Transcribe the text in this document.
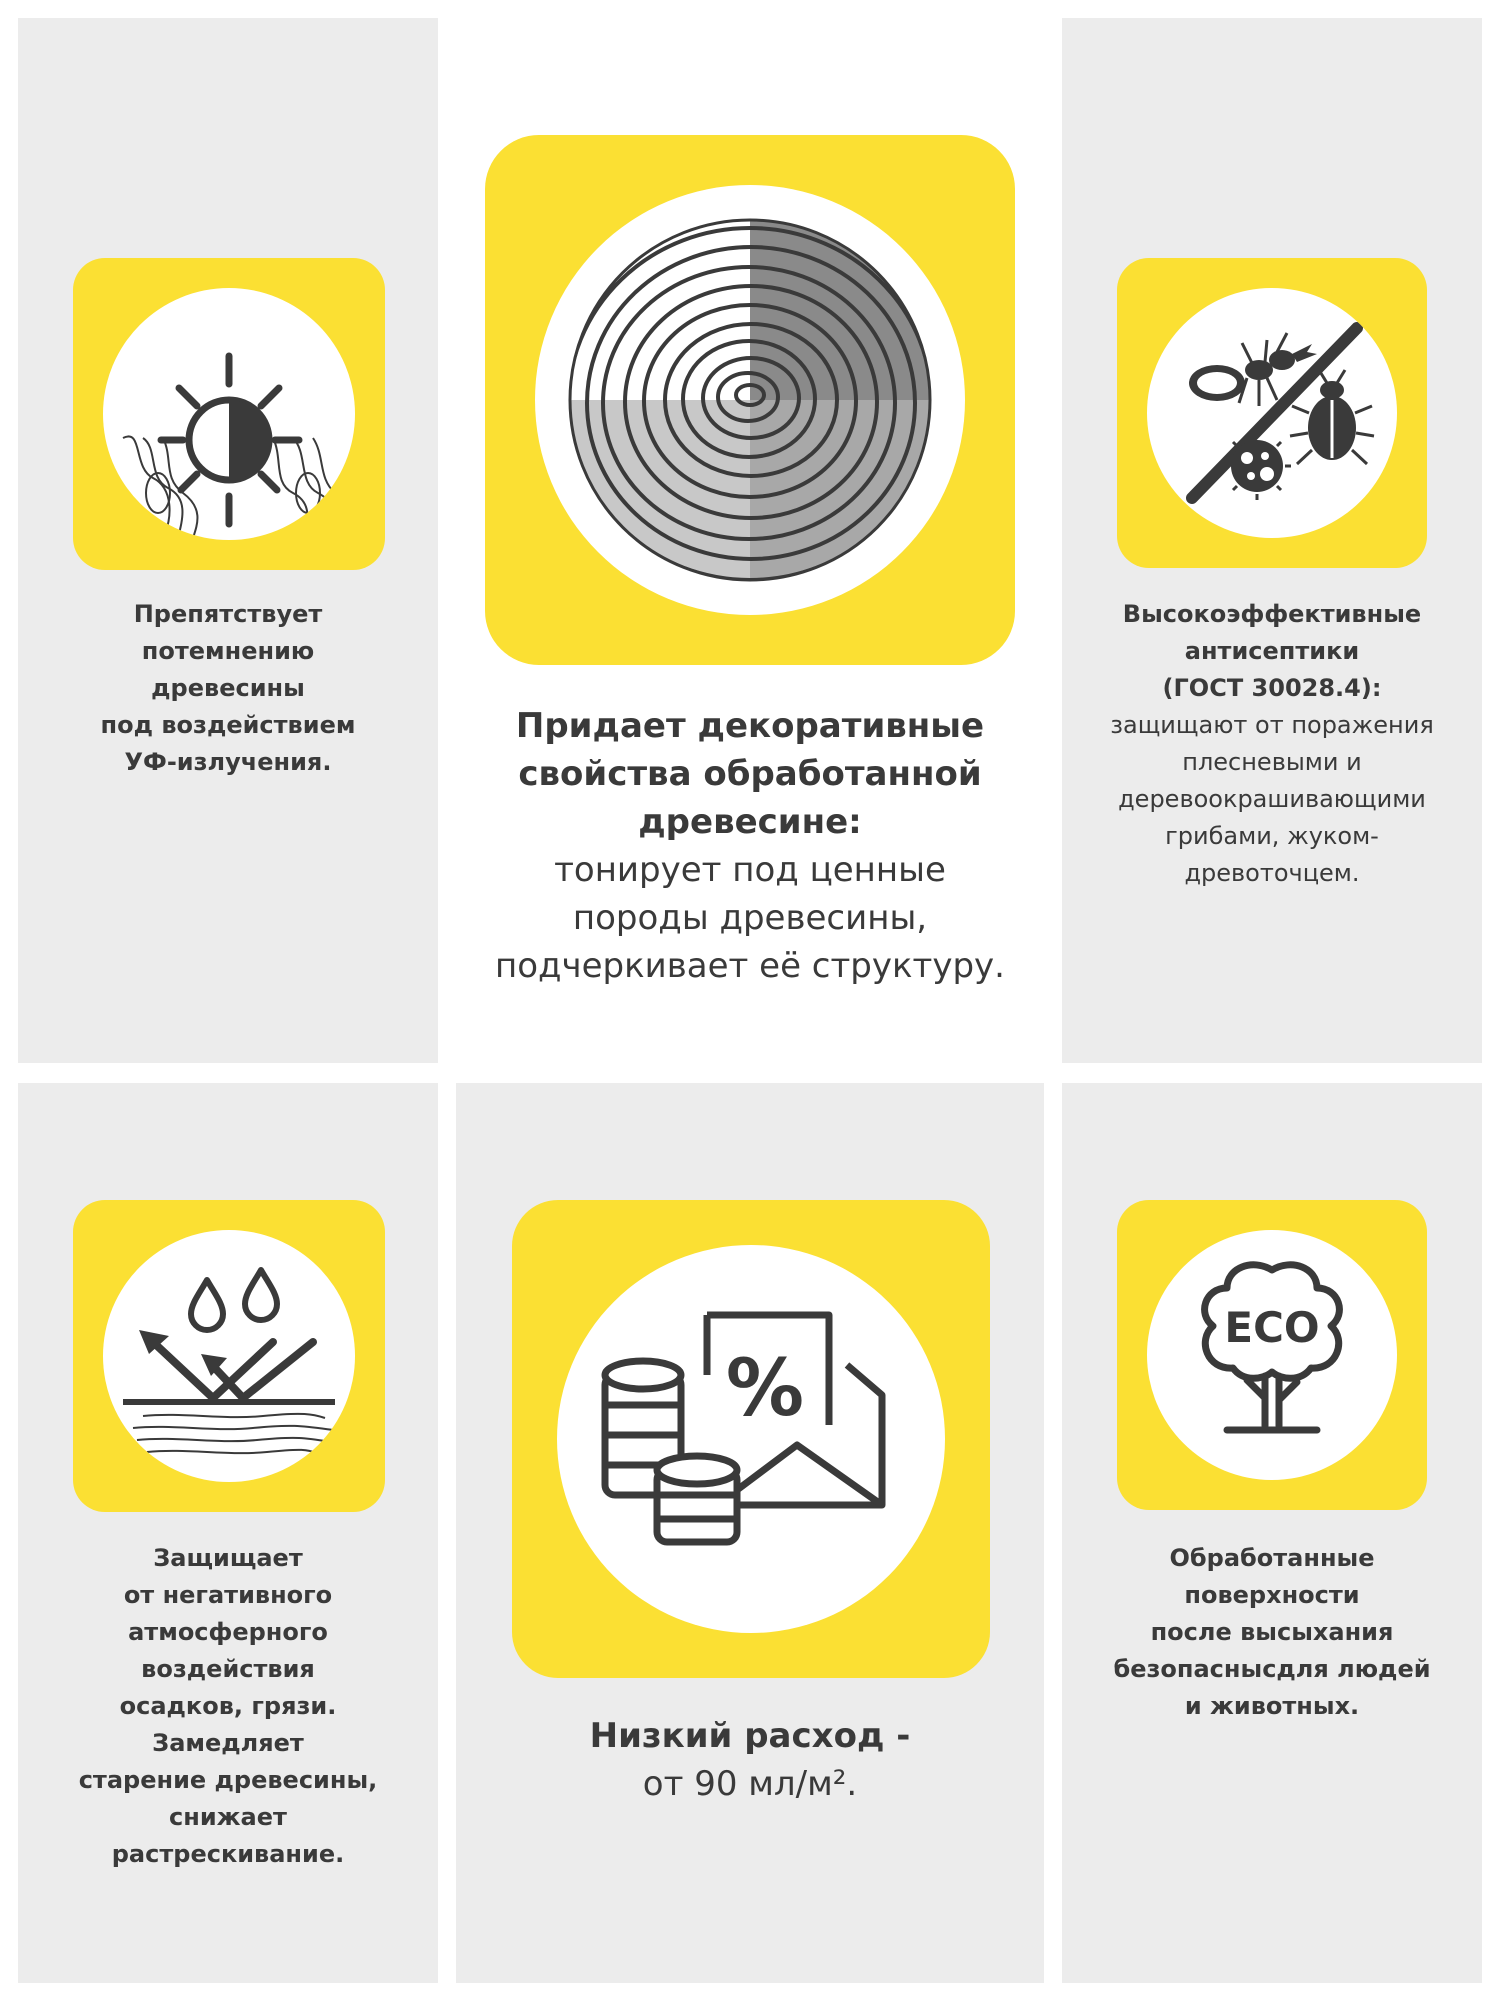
Препятствует
потемнению
древесины
под воздействием
УФ-излучения.
Придает декоративные
свойства обработанной
древесине:
тонирует под ценные
породы древесины,
подчеркивает её структуру.
Высокоэффективные
антисептики
(ГОСТ 30028.4):
защищают от поражения
плесневыми и
деревоокрашивающими
грибами, жуком-
древоточцем.
Защищает
от негативного
атмосферного
воздействия
осадков, грязи.
Замедляет
старение древесины,
снижает
растрескивание.
%
Низкий расход -
от 90 мл/м².
ECO
Обработанные
поверхности
после высыхания
безопаснысдля людей
и животных.
